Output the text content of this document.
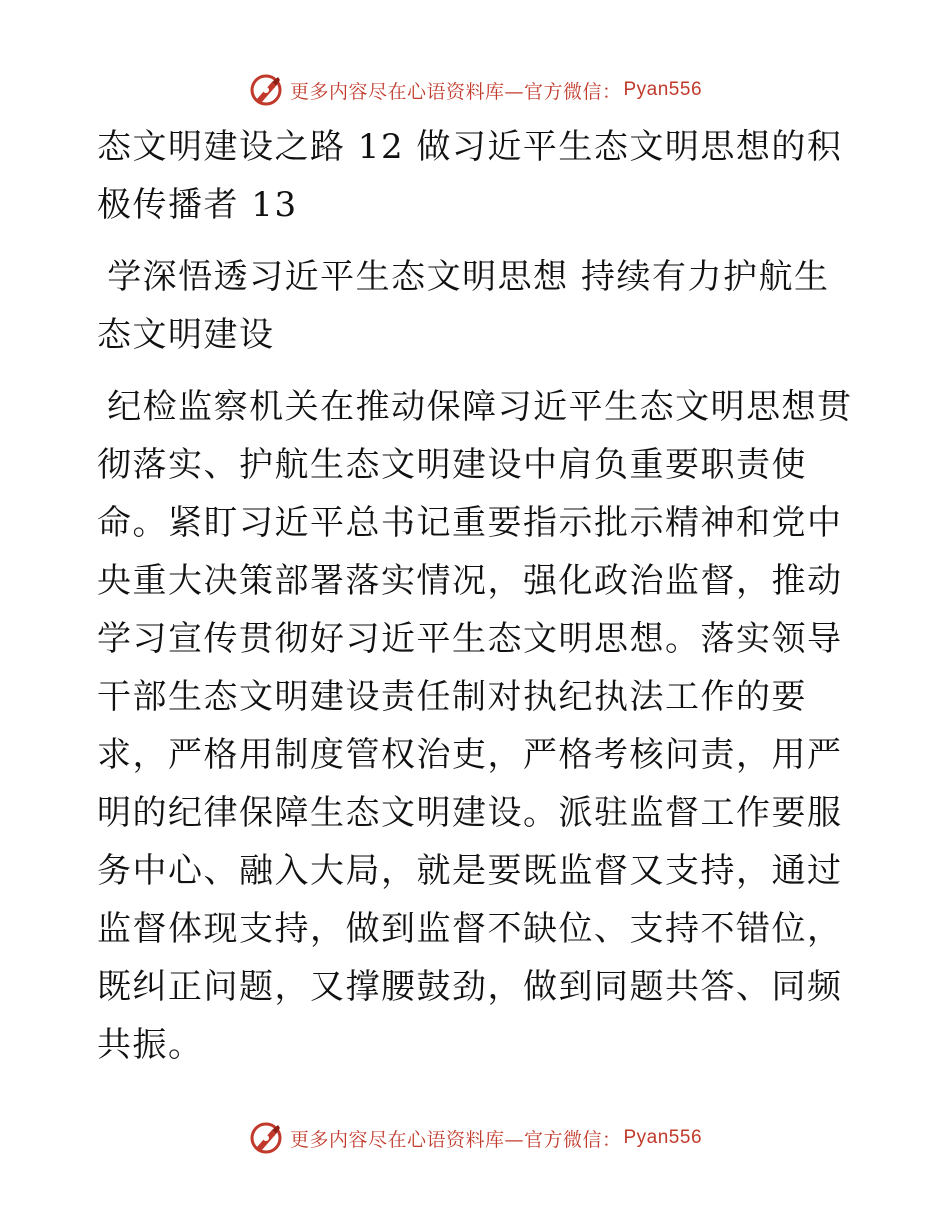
更多内容尽在心语资料库—官方微信： Pyan556

态文明建设之路 12 做习近平生态文明思想的积极传播者 13

学深悟透习近平生态文明思想 持续有力护航生态文明建设

纪检监察机关在推动保障习近平生态文明思想贯彻落实、护航生态文明建设中肩负重要职责使命。紧盯习近平总书记重要指示批示精神和党中央重大决策部署落实情况，强化政治监督，推动学习宣传贯彻好习近平生态文明思想。落实领导干部生态文明建设责任制对执纪执法工作的要求，严格用制度管权治吏，严格考核问责，用严明的纪律保障生态文明建设。派驻监督工作要服务中心、融入大局，就是要既监督又支持，通过监督体现支持，做到监督不缺位、支持不错位，既纠正问题，又撑腰鼓劲，做到同题共答、同频共振。

更多内容尽在心语资料库—官方微信： Pyan556
